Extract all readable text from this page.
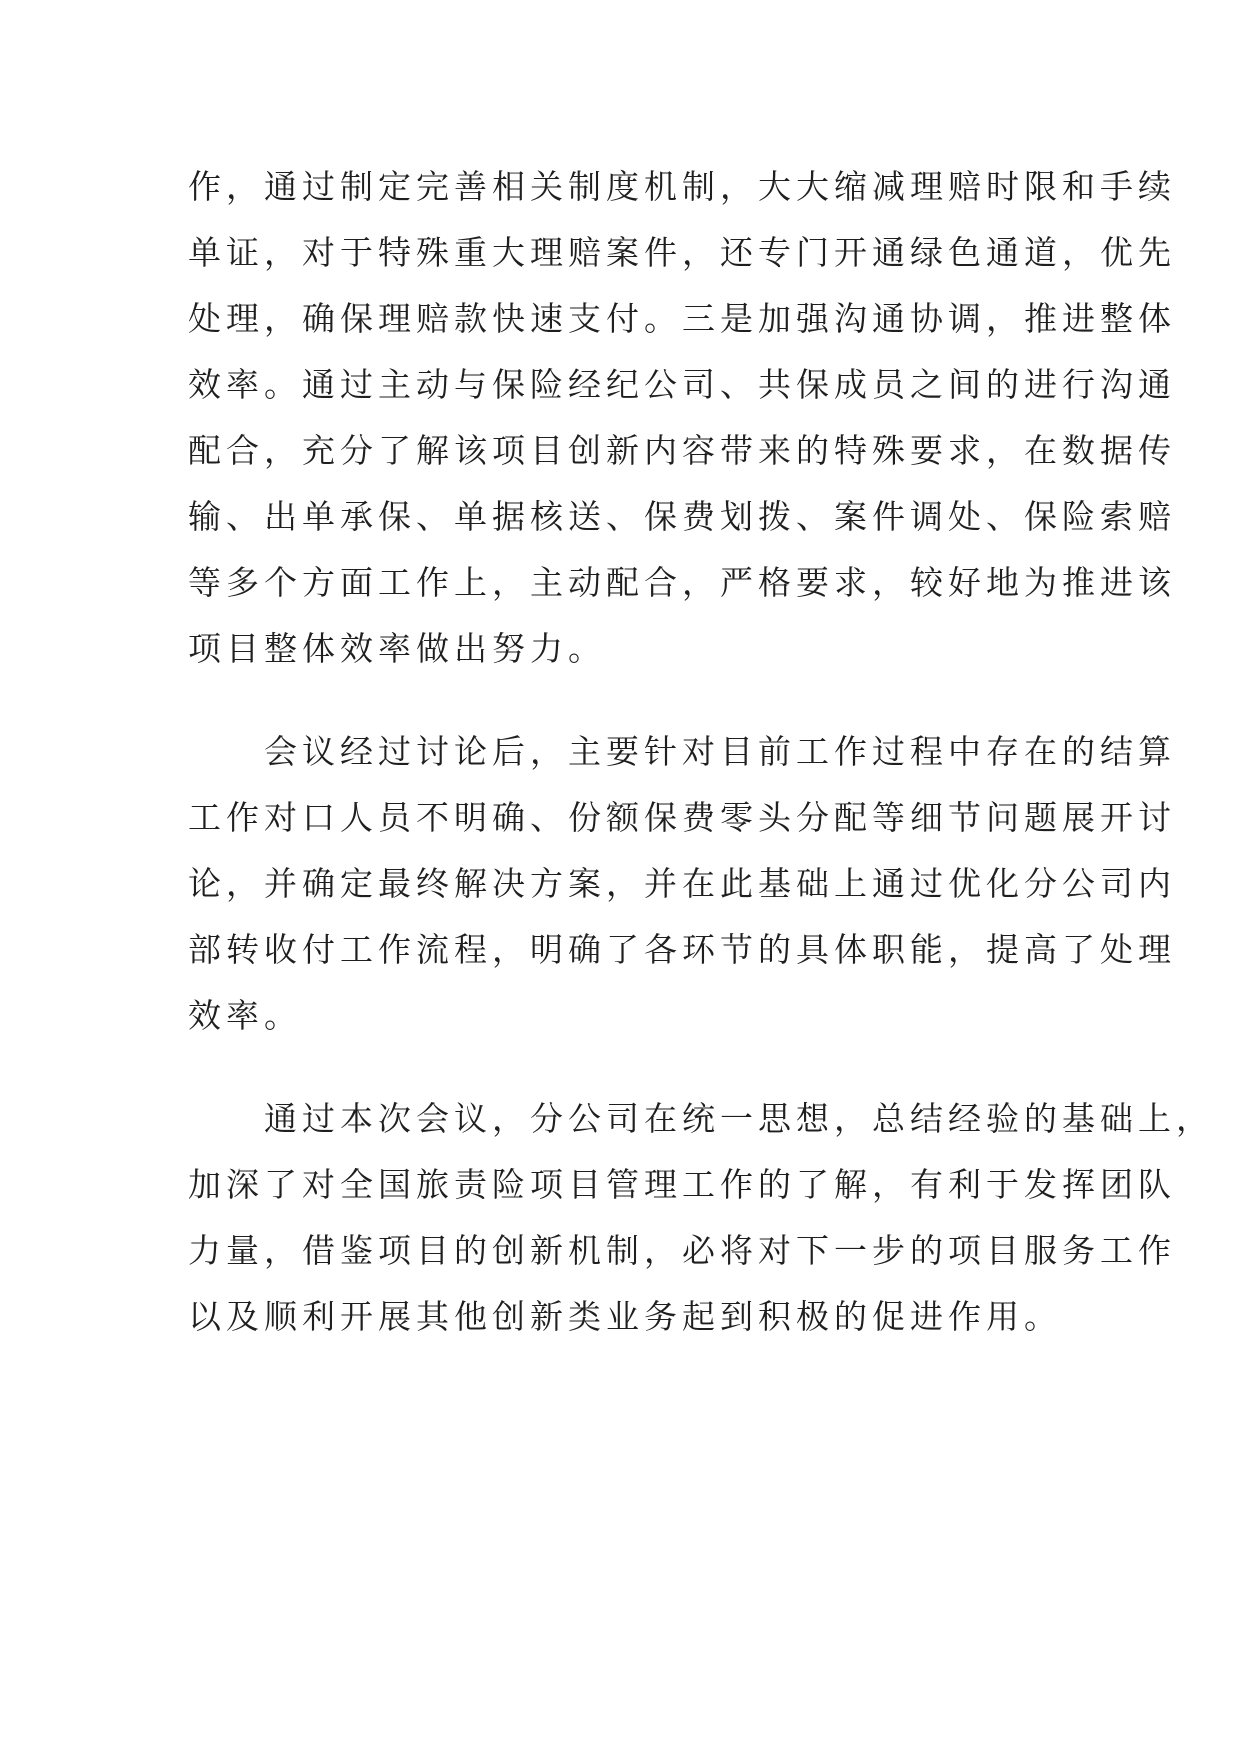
作，通过制定完善相关制度机制，大大缩减理赔时限和手续
单证，对于特殊重大理赔案件，还专门开通绿色通道，优先
处理，确保理赔款快速支付。三是加强沟通协调，推进整体
效率。通过主动与保险经纪公司、共保成员之间的进行沟通
配合，充分了解该项目创新内容带来的特殊要求，在数据传
输、出单承保、单据核送、保费划拨、案件调处、保险索赔
等多个方面工作上，主动配合，严格要求，较好地为推进该
项目整体效率做出努力。
会议经过讨论后，主要针对目前工作过程中存在的结算
工作对口人员不明确、份额保费零头分配等细节问题展开讨
论，并确定最终解决方案，并在此基础上通过优化分公司内
部转收付工作流程，明确了各环节的具体职能，提高了处理
效率。
通过本次会议，分公司在统一思想，总结经验的基础上，
加深了对全国旅责险项目管理工作的了解，有利于发挥团队
力量，借鉴项目的创新机制，必将对下一步的项目服务工作
以及顺利开展其他创新类业务起到积极的促进作用。
